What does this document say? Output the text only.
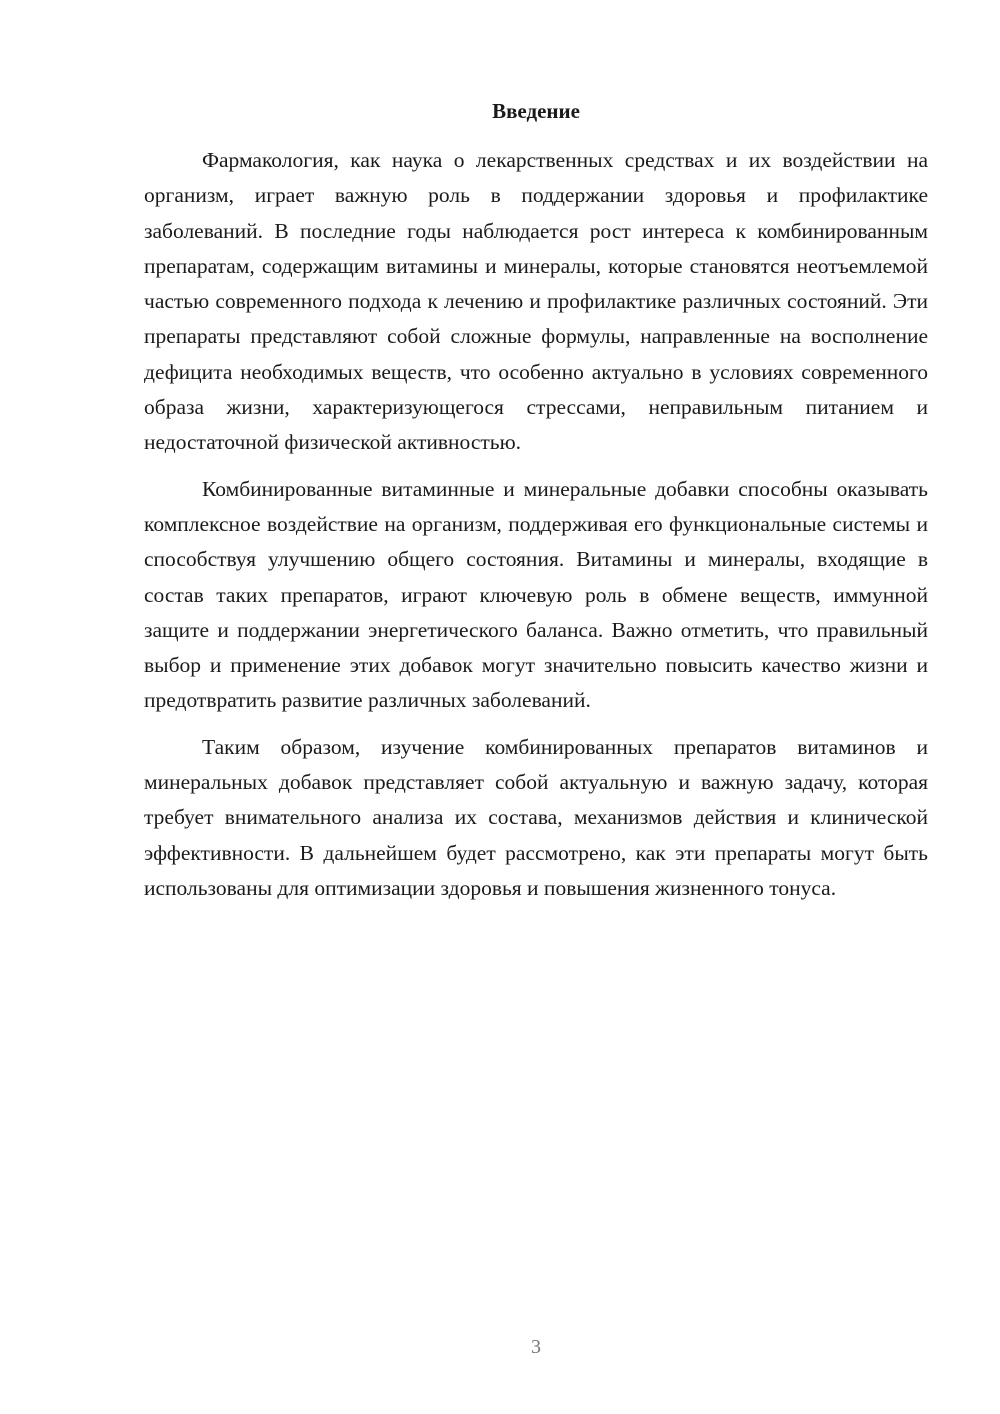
Введение

Фармакология, как наука о лекарственных средствах и их воздействии на организм, играет важную роль в поддержании здоровья и профилактике заболеваний. В последние годы наблюдается рост интереса к комбинированным препаратам, содержащим витамины и минералы, которые становятся неотъемлемой частью современного подхода к лечению и профилактике различных состояний. Эти препараты представляют собой сложные формулы, направленные на восполнение дефицита необходимых веществ, что особенно актуально в условиях современного образа жизни, характеризующегося стрессами, неправильным питанием и недостаточной физической активностью.

Комбинированные витаминные и минеральные добавки способны оказывать комплексное воздействие на организм, поддерживая его функциональные системы и способствуя улучшению общего состояния. Витамины и минералы, входящие в состав таких препаратов, играют ключевую роль в обмене веществ, иммунной защите и поддержании энергетического баланса. Важно отметить, что правильный выбор и применение этих добавок могут значительно повысить качество жизни и предотвратить развитие различных заболеваний.

Таким образом, изучение комбинированных препаратов витаминов и минеральных добавок представляет собой актуальную и важную задачу, которая требует внимательного анализа их состава, механизмов действия и клинической эффективности. В дальнейшем будет рассмотрено, как эти препараты могут быть использованы для оптимизации здоровья и повышения жизненного тонуса.

3
